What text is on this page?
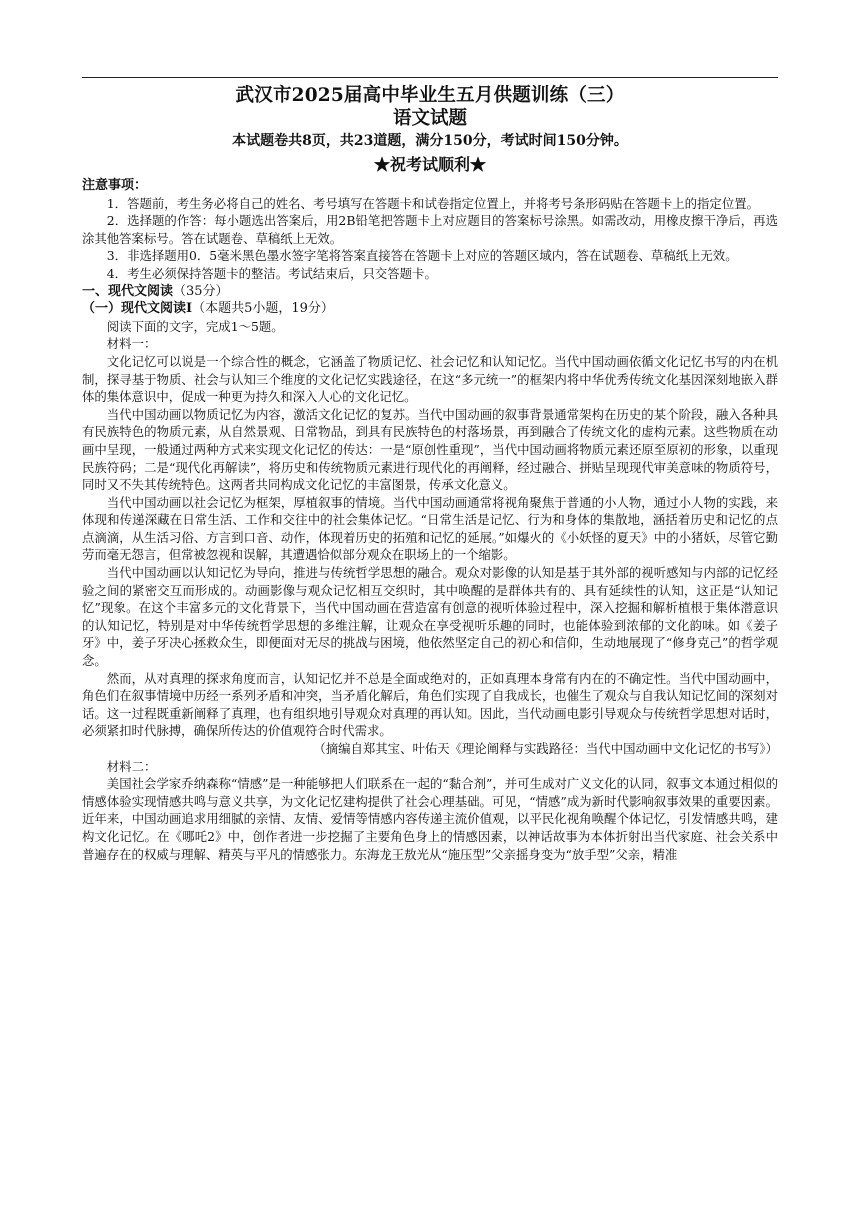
武汉市2025届高中毕业生五月供题训练（三）
语文试题
本试题卷共8页，共23道题，满分150分，考试时间150分钟。
★祝考试顺利★
注意事项：

1．答题前，考生务必将自己的姓名、考号填写在答题卡和试卷指定位置上，并将考号条形码贴在答题卡上的指定位置。

2．选择题的作答：每小题选出答案后，用2B铅笔把答题卡上对应题目的答案标号涂黑。如需改动，用橡皮擦干净后，再选涂其他答案标号。答在试题卷、草稿纸上无效。

3．非选择题用0．5毫米黑色墨水签字笔将答案直接答在答题卡上对应的答题区域内，答在试题卷、草稿纸上无效。

4．考生必须保持答题卡的整洁。考试结束后，只交答题卡。

一、现代文阅读（35分）
（一）现代文阅读Ⅰ（本题共5小题，19分）

阅读下面的文字，完成1～5题。

材料一：

文化记忆可以说是一个综合性的概念，它涵盖了物质记忆、社会记忆和认知记忆。当代中国动画依循文化记忆书写的内在机制，探寻基于物质、社会与认知三个维度的文化记忆实践途径，在这“多元统一”的框架内将中华优秀传统文化基因深刻地嵌入群体的集体意识中，促成一种更为持久和深入人心的文化记忆。

当代中国动画以物质记忆为内容，激活文化记忆的复苏。当代中国动画的叙事背景通常架构在历史的某个阶段，融入各种具有民族特色的物质元素，从自然景观、日常物品，到具有民族特色的村落场景，再到融合了传统文化的虚构元素。这些物质在动画中呈现，一般通过两种方式来实现文化记忆的传达：一是“原创性重现”，当代中国动画将物质元素还原至原初的形象，以重现民族符码；二是“现代化再解读”，将历史和传统物质元素进行现代化的再阐释，经过融合、拼贴呈现现代审美意味的物质符号，同时又不失其传统特色。这两者共同构成文化记忆的丰富图景，传承文化意义。

当代中国动画以社会记忆为框架，厚植叙事的情境。当代中国动画通常将视角聚焦于普通的小人物，通过小人物的实践，来体现和传递深藏在日常生活、工作和交往中的社会集体记忆。“日常生活是记忆、行为和身体的集散地，涵括着历史和记忆的点点滴滴，从生活习俗、方言到口音、动作，体现着历史的拓殖和记忆的延展。”如爆火的《小妖怪的夏天》中的小猪妖，尽管它勤劳而毫无怨言，但常被忽视和误解，其遭遇恰似部分观众在职场上的一个缩影。

当代中国动画以认知记忆为导向，推进与传统哲学思想的融合。观众对影像的认知是基于其外部的视听感知与内部的记忆经验之间的紧密交互而形成的。动画影像与观众记忆相互交织时，其中唤醒的是群体共有的、具有延续性的认知，这正是“认知记忆”现象。在这个丰富多元的文化背景下，当代中国动画在营造富有创意的视听体验过程中，深入挖掘和解析植根于集体潜意识的认知记忆，特别是对中华传统哲学思想的多维注解，让观众在享受视听乐趣的同时，也能体验到浓郁的文化韵味。如《姜子牙》中，姜子牙决心拯救众生，即便面对无尽的挑战与困境，他依然坚定自己的初心和信仰，生动地展现了“修身克己”的哲学观念。

然而，从对真理的探求角度而言，认知记忆并不总是全面或绝对的，正如真理本身常有内在的不确定性。当代中国动画中，角色们在叙事情境中历经一系列矛盾和冲突，当矛盾化解后，角色们实现了自我成长，也催生了观众与自我认知记忆间的深刻对话。这一过程既重新阐释了真理，也有组织地引导观众对真理的再认知。因此，当代动画电影引导观众与传统哲学思想对话时，必须紧扣时代脉搏，确保所传达的价值观符合时代需求。

（摘编自郑其宝、叶佑天《理论阐释与实践路径：当代中国动画中文化记忆的书写》）

材料二：

美国社会学家乔纳森称“情感”是一种能够把人们联系在一起的“黏合剂”，并可生成对广义文化的认同，叙事文本通过相似的情感体验实现情感共鸣与意义共享，为文化记忆建构提供了社会心理基础。可见，“情感”成为新时代影响叙事效果的重要因素。近年来，中国动画追求用细腻的亲情、友情、爱情等情感内容传递主流价值观，以平民化视角唤醒个体记忆，引发情感共鸣，建构文化记忆。在《哪吒2》中，创作者进一步挖掘了主要角色身上的情感因素，以神话故事为本体折射出当代家庭、社会关系中普遍存在的权威与理解、精英与平凡的情感张力。东海龙王敖光从“施压型”父亲摇身变为“放手型”父亲，精准
